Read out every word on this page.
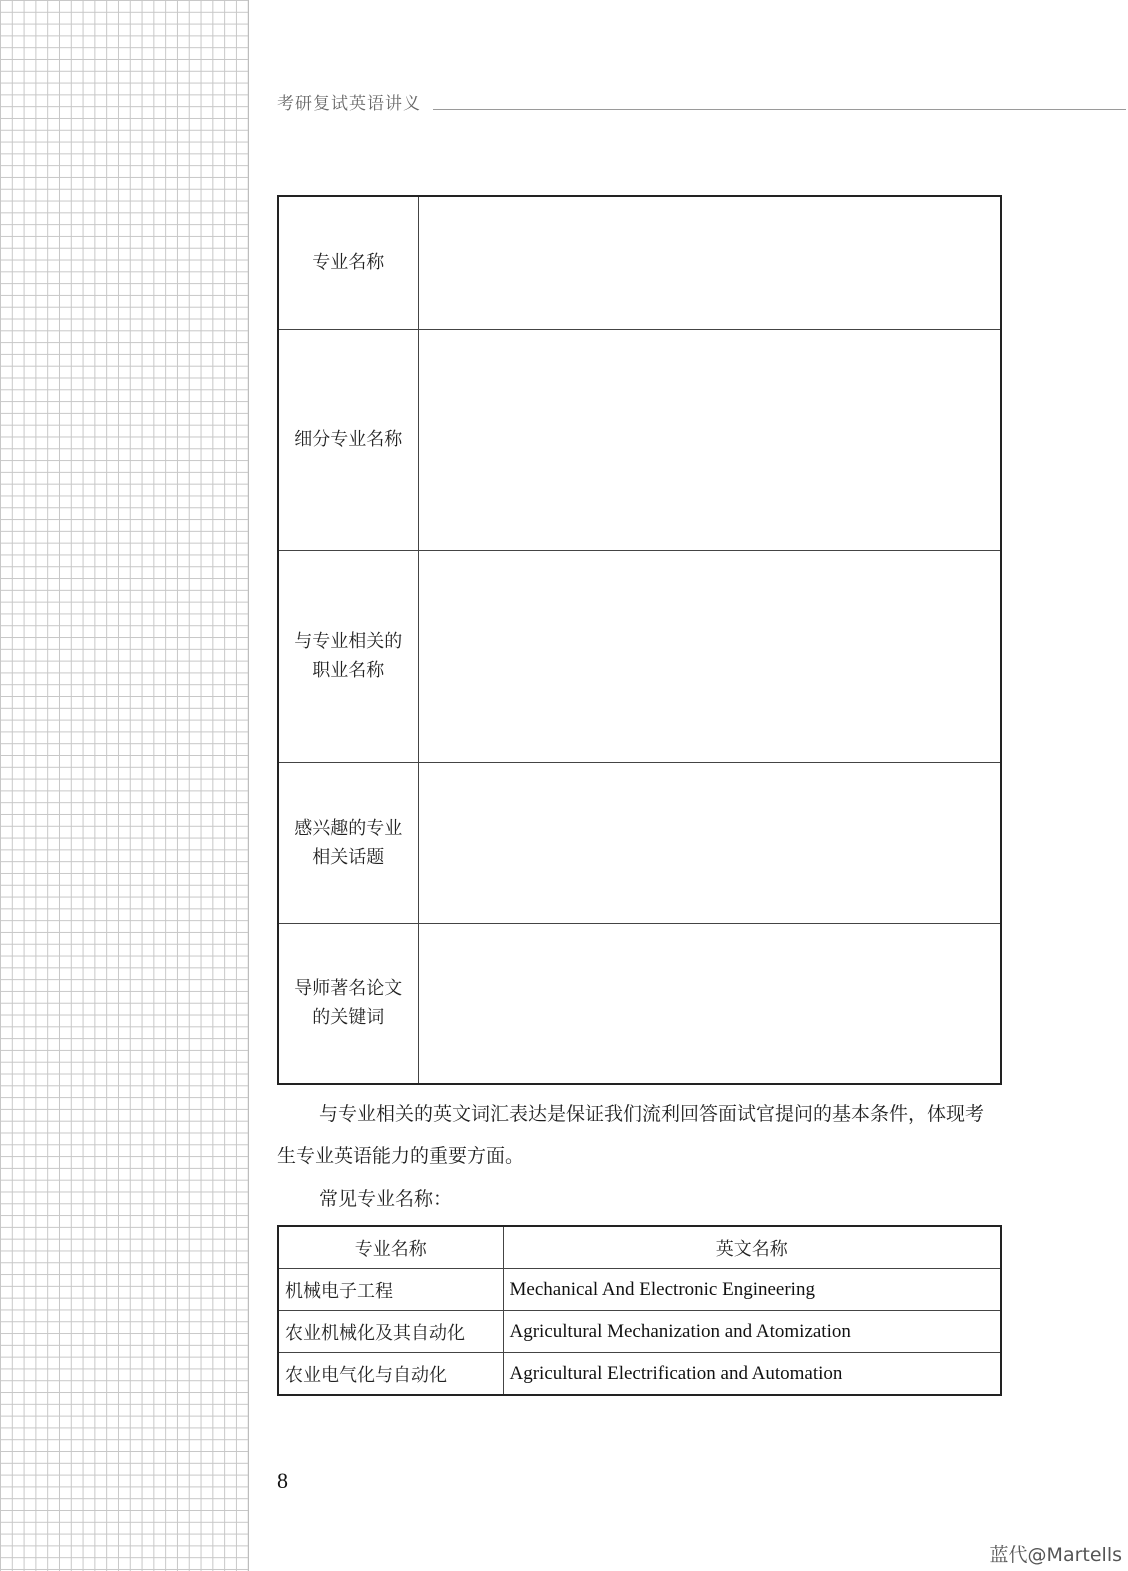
考研复试英语讲义
专业名称	

细分专业名称	

与专业相关的
职业名称	

感兴趣的专业
相关话题	

导师著名论文
的关键词	

与专业相关的英文词汇表达是保证我们流利回答面试官提问的基本条件，体现考生专业英语能力的重要方面。
常见专业名称：
专业名称	英文名称
机械电子工程	Mechanical And Electronic Engineering
农业机械化及其自动化	Agricultural Mechanization and Atomization
农业电气化与自动化	Agricultural Electrification and Automation
8
蓝代@Martells
